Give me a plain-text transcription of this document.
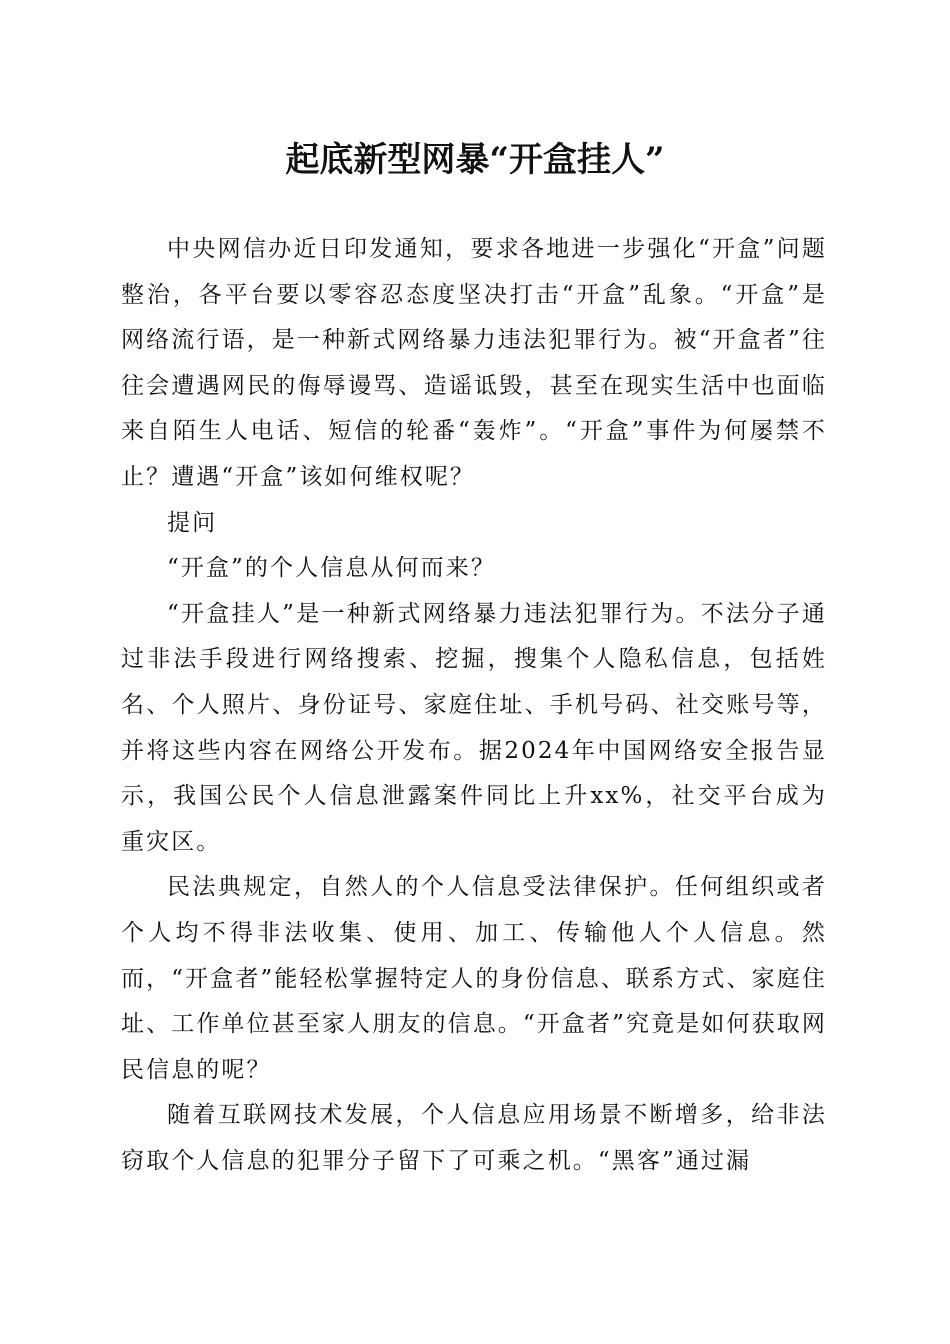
起底新型网暴“开盒挂人”

中央网信办近日印发通知，要求各地进一步强化“开盒”问题整治，各平台要以零容忍态度坚决打击“开盒”乱象。“开盒”是网络流行语，是一种新式网络暴力违法犯罪行为。被“开盒者”往往会遭遇网民的侮辱谩骂、造谣诋毁，甚至在现实生活中也面临来自陌生人电话、短信的轮番“轰炸”。“开盒”事件为何屡禁不止？遭遇“开盒”该如何维权呢？

提问

“开盒”的个人信息从何而来？

“开盒挂人”是一种新式网络暴力违法犯罪行为。不法分子通过非法手段进行网络搜索、挖掘，搜集个人隐私信息，包括姓名、个人照片、身份证号、家庭住址、手机号码、社交账号等，并将这些内容在网络公开发布。据2024年中国网络安全报告显示，我国公民个人信息泄露案件同比上升xx%，社交平台成为重灾区。

民法典规定，自然人的个人信息受法律保护。任何组织或者个人均不得非法收集、使用、加工、传输他人个人信息。然而，“开盒者”能轻松掌握特定人的身份信息、联系方式、家庭住址、工作单位甚至家人朋友的信息。“开盒者”究竟是如何获取网民信息的呢？

随着互联网技术发展，个人信息应用场景不断增多，给非法窃取个人信息的犯罪分子留下了可乘之机。“黑客”通过漏
